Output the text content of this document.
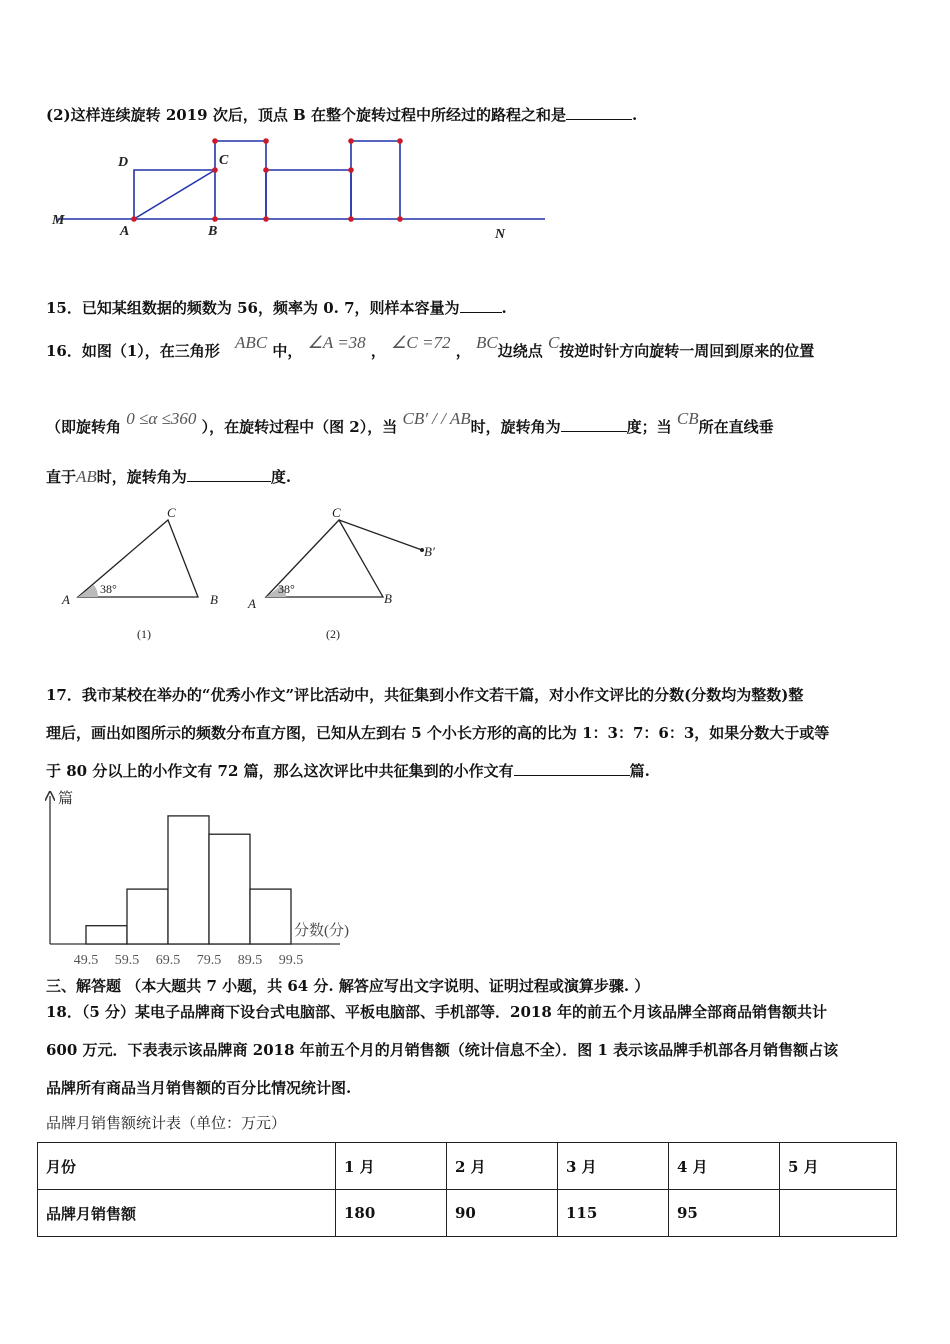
(2)这样连续旋转 2019 次后，顶点 B 在整个旋转过程中所经过的路程之和是	.
D	C
M
A	B	N
15．已知某组数据的频数为 56，频率为 0. 7，则样本容量为	.
16．如图（1），在三角形 ABC 中， ∠A =38 ， ∠C =72 ， BC边绕点 C按逆时针方向旋转一周回到原来的位置
（即旋转角 0 ≤α ≤360 ），在旋转过程中（图 2），当 CB′ / / AB时，旋转角为	度；当 CB所在直线垂
直于AB时，旋转角为	度.
C
A	B
C
A	B
B′
38°	38°
(1)	(2)
17．我市某校在举办的“优秀小作文”评比活动中，共征集到小作文若干篇，对小作文评比的分数(分数均为整数)整
理后，画出如图所示的频数分布直方图，已知从左到右 5 个小长方形的高的比为 1：3：7：6：3，如果分数大于或等
于 80 分以上的小作文有 72 篇，那么这次评比中共征集到的小作文有	篇.
篇
分数(分)
49.5 59.5 69.5 79.5 89.5 99.5
三、解答题 （本大题共 7 小题，共 64 分. 解答应写出文字说明、证明过程或演算步骤. ）
18．（5 分）某电子品牌商下设台式电脑部、平板电脑部、手机部等．2018 年的前五个月该品牌全部商品销售额共计
600 万元．下表表示该品牌商 2018 年前五个月的月销售额（统计信息不全）．图 1 表示该品牌手机部各月销售额占该
品牌所有商品当月销售额的百分比情况统计图.
品牌月销售额统计表（单位：万元）
月份	1 月	2 月	3 月	4 月	5 月
品牌月销售额	180	90	115	95	
